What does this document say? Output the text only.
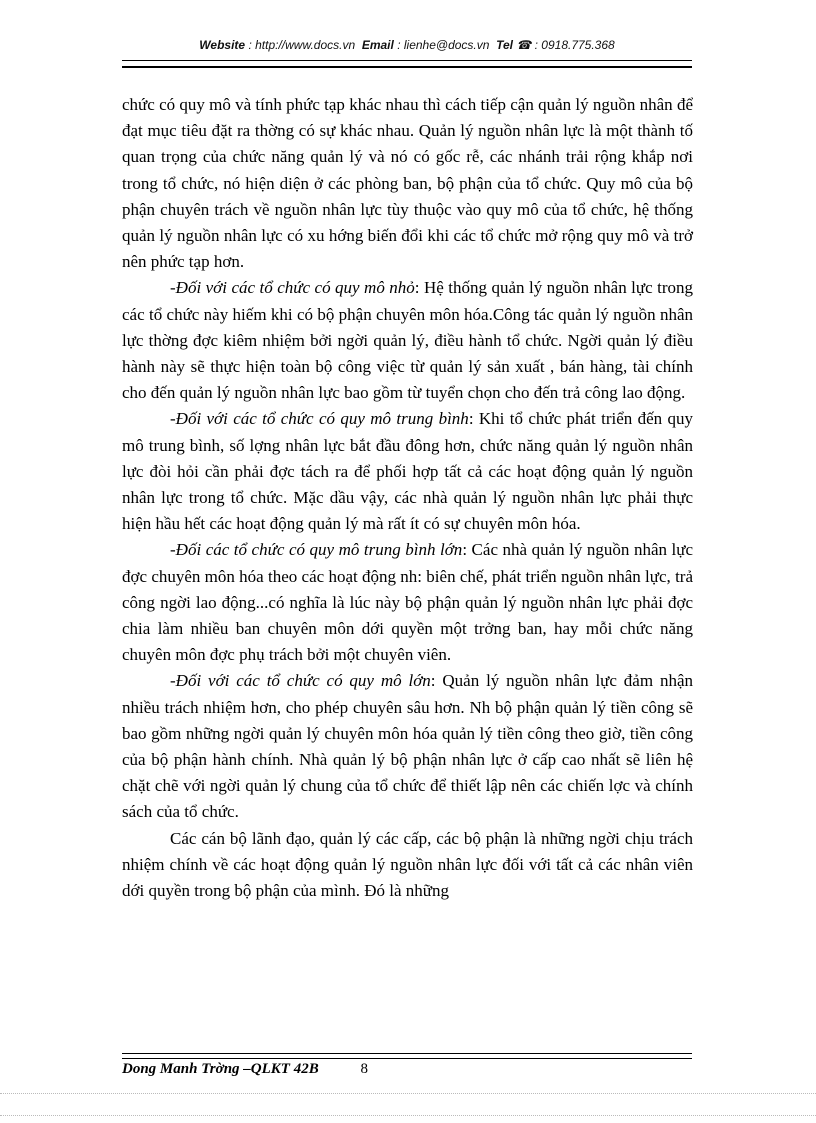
Website : http://www.docs.vn Email : lienhe@docs.vn Tel ☎ : 0918.775.368

chức có quy mô và tính phức tạp khác nhau thì cách tiếp cận quản lý nguồn nhân để đạt mục tiêu đặt ra thờng có sự khác nhau. Quản lý nguồn nhân lực là một thành tố quan trọng của chức năng quản lý và nó có gốc rễ, các nhánh trải rộng khắp nơi trong tổ chức, nó hiện diện ở các phòng ban, bộ phận của tổ chức. Quy mô của bộ phận chuyên trách về nguồn nhân lực tùy thuộc vào quy mô của tổ chức, hệ thống quản lý nguồn nhân lực có xu hớng biến đổi khi các tổ chức mở rộng quy mô và trở nên phức tạp hơn.

-Đối với các tổ chức có quy mô nhỏ: Hệ thống quản lý nguồn nhân lực trong các tổ chức này hiếm khi có bộ phận chuyên môn hóa.Công tác quản lý nguồn nhân lực thờng đợc kiêm nhiệm bởi ngời quản lý, điều hành tổ chức. Ngời quản lý điều hành này sẽ thực hiện toàn bộ công việc từ quản lý sản xuất , bán hàng, tài chính cho đến quản lý nguồn nhân lực bao gồm từ tuyển chọn cho đến trả công lao động.

-Đối với các tổ chức có quy mô trung bình: Khi tổ chức phát triển đến quy mô trung bình, số lợng nhân lực bắt đầu đông hơn, chức năng quản lý nguồn nhân lực đòi hỏi cần phải đợc tách ra để phối hợp tất cả các hoạt động quản lý nguồn nhân lực trong tổ chức. Mặc dầu vậy, các nhà quản lý nguồn nhân lực phải thực hiện hầu hết các hoạt động quản lý mà rất ít có sự chuyên môn hóa.

-Đối các tổ chức có quy mô trung bình lớn: Các nhà quản lý nguồn nhân lực đợc chuyên môn hóa theo các hoạt động nh: biên chế, phát triển nguồn nhân lực, trả công ngời lao động...có nghĩa là lúc này bộ phận quản lý nguồn nhân lực phải đợc chia làm nhiều ban chuyên môn dới quyền một trởng ban, hay mỗi chức năng chuyên môn đợc phụ trách bởi một chuyên viên.

-Đối với các tổ chức có quy mô lớn: Quản lý nguồn nhân lực đảm nhận nhiều trách nhiệm hơn, cho phép chuyên sâu hơn. Nh bộ phận quản lý tiền công sẽ bao gồm những ngời quản lý chuyên môn hóa quản lý tiền công theo giờ, tiền công của bộ phận hành chính. Nhà quản lý bộ phận nhân lực ở cấp cao nhất sẽ liên hệ chặt chẽ với ngời quản lý chung của tổ chức để thiết lập nên các chiến lợc và chính sách của tổ chức.

Các cán bộ lãnh đạo, quản lý các cấp, các bộ phận là những ngời chịu trách nhiệm chính về các hoạt động quản lý nguồn nhân lực đối với tất cả các nhân viên dới quyền trong bộ phận của mình. Đó là những

Dong Manh Trờng –QLKT 42B	8
